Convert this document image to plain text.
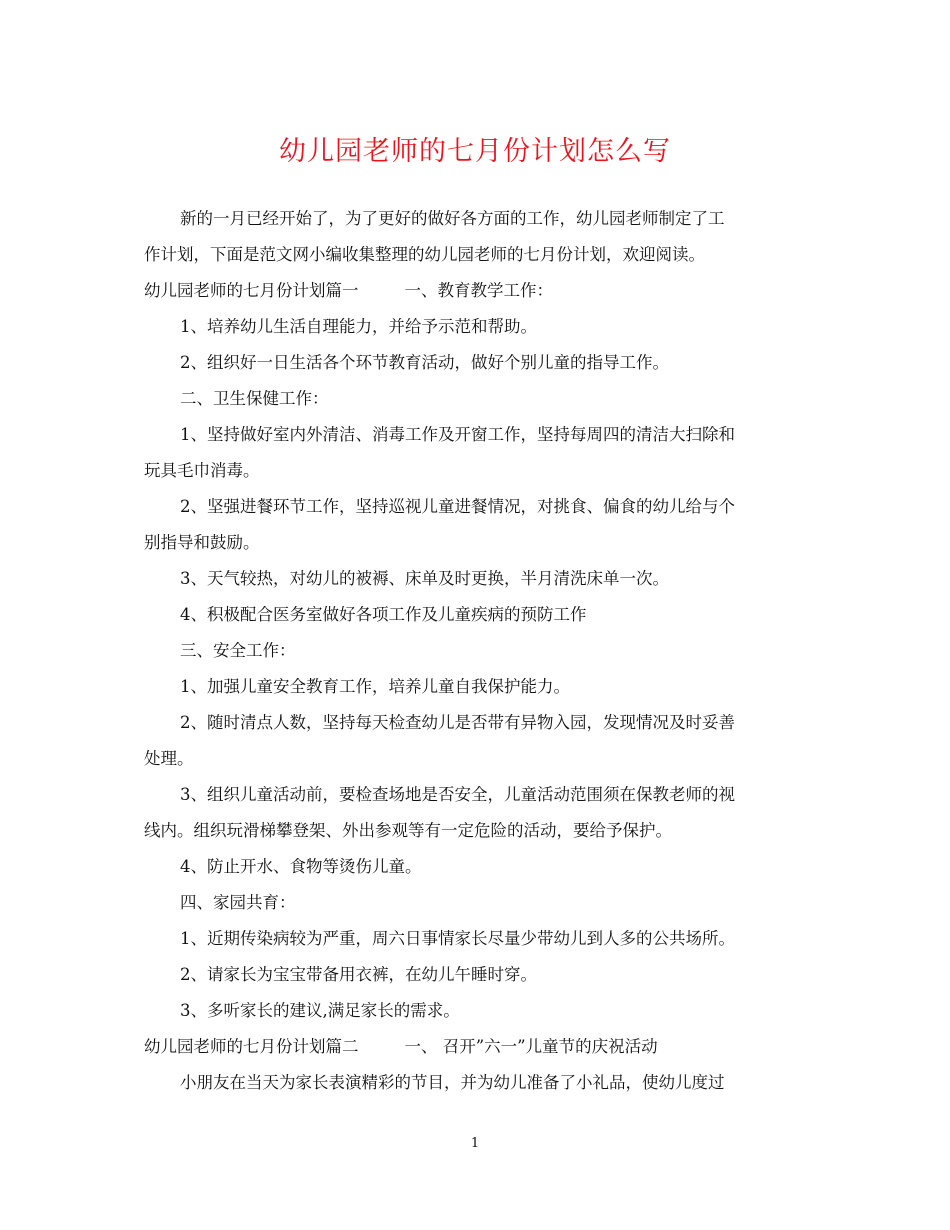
幼儿园老师的七月份计划怎么写
新的一月已经开始了，为了更好的做好各方面的工作，幼儿园老师制定了工
作计划，下面是范文网小编收集整理的幼儿园老师的七月份计划，欢迎阅读。
幼儿园老师的七月份计划篇一	一、教育教学工作：
1、培养幼儿生活自理能力，并给予示范和帮助。
2、组织好一日生活各个环节教育活动，做好个别儿童的指导工作。
二、卫生保健工作：
1、坚持做好室内外清洁、消毒工作及开窗工作，坚持每周四的清洁大扫除和
玩具毛巾消毒。
2、坚强进餐环节工作，坚持巡视儿童进餐情况，对挑食、偏食的幼儿给与个
别指导和鼓励。
3、天气较热，对幼儿的被褥、床单及时更换，半月清洗床单一次。
4、积极配合医务室做好各项工作及儿童疾病的预防工作
三、安全工作：
1、加强儿童安全教育工作，培养儿童自我保护能力。
2、随时清点人数，坚持每天检查幼儿是否带有异物入园，发现情况及时妥善
处理。
3、组织儿童活动前，要检查场地是否安全，儿童活动范围须在保教老师的视
线内。组织玩滑梯攀登架、外出参观等有一定危险的活动，要给予保护。
4、防止开水、食物等烫伤儿童。
四、家园共育：
1、近期传染病较为严重，周六日事情家长尽量少带幼儿到人多的公共场所。
2、请家长为宝宝带备用衣裤，在幼儿午睡时穿。
3、多听家长的建议,满足家长的需求。
幼儿园老师的七月份计划篇二	一、 召开”六一”儿童节的庆祝活动
小朋友在当天为家长表演精彩的节目，并为幼儿准备了小礼品，使幼儿度过
1
